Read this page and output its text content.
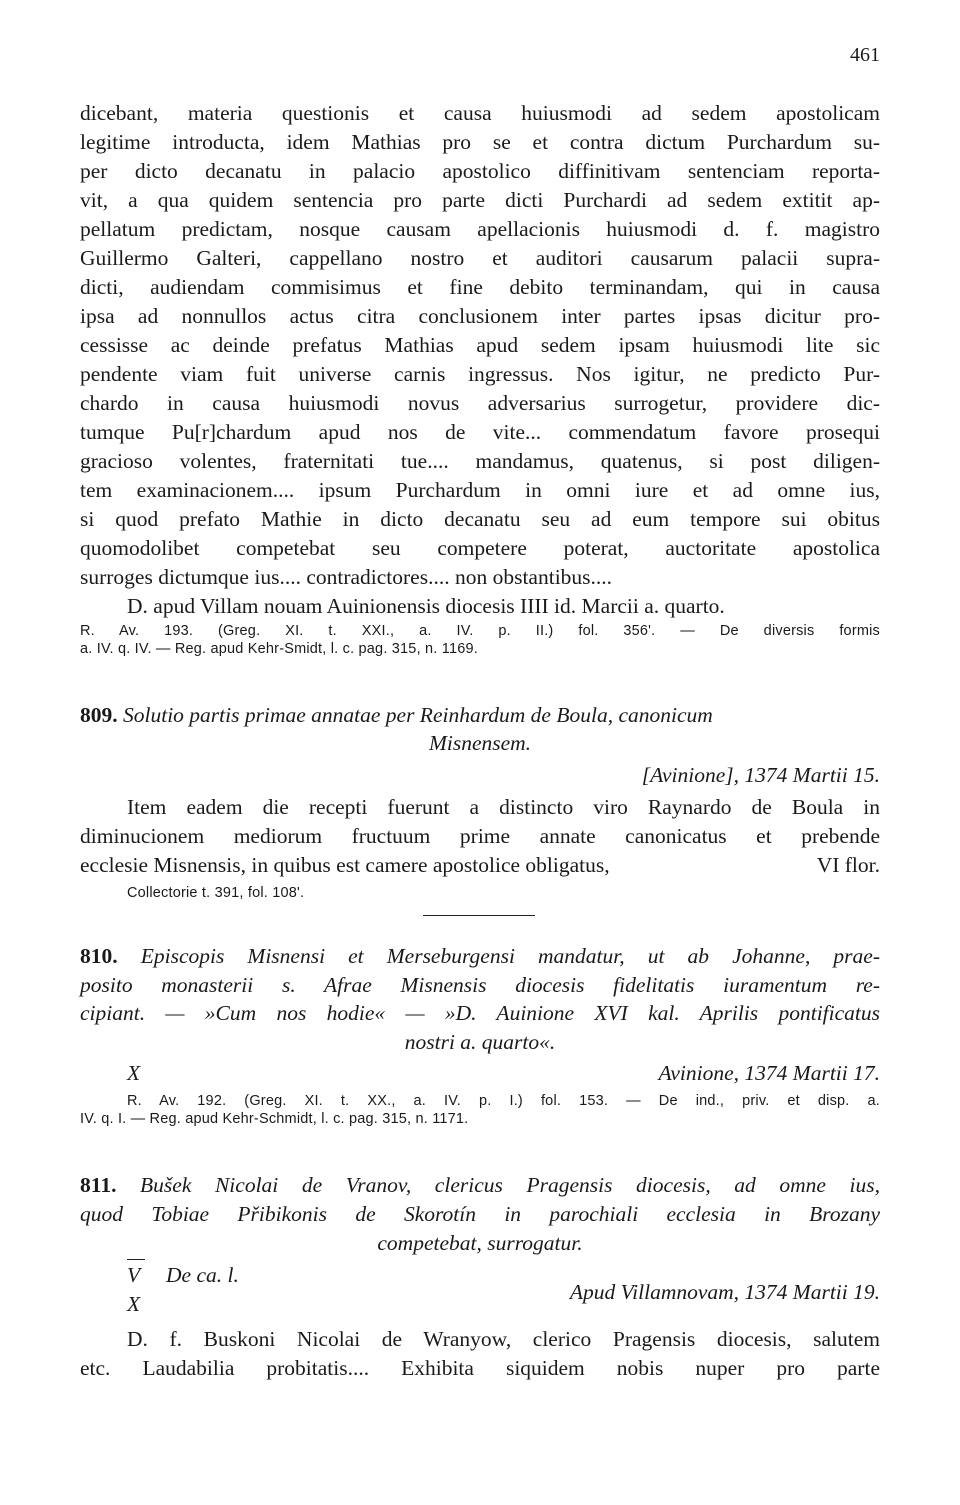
461
dicebant, materia questionis et causa huiusmodi ad sedem apostolicam
legitime introducta, idem Mathias pro se et contra dictum Purchardum su-
per dicto decanatu in palacio apostolico diffinitivam sentenciam reporta-
vit, a qua quidem sentencia pro parte dicti Purchardi ad sedem extitit ap-
pellatum predictam, nosque causam apellacionis huiusmodi d. f. magistro
Guillermo Galteri, cappellano nostro et auditori causarum palacii supra-
dicti, audiendam commisimus et fine debito terminandam, qui in causa
ipsa ad nonnullos actus citra conclusionem inter partes ipsas dicitur pro-
cessisse ac deinde prefatus Mathias apud sedem ipsam huiusmodi lite sic
pendente viam fuit universe carnis ingressus. Nos igitur, ne predicto Pur-
chardo in causa huiusmodi novus adversarius surrogetur, providere dic-
tumque Pu[r]chardum apud nos de vite... commendatum favore prosequi
gracioso volentes, fraternitati tue.... mandamus, quatenus, si post diligen-
tem examinacionem.... ipsum Purchardum in omni iure et ad omne ius,
si quod prefato Mathie in dicto decanatu seu ad eum tempore sui obitus
quomodolibet competebat seu competere poterat, auctoritate apostolica
surroges dictumque ius.... contradictores.... non obstantibus....
D. apud Villam nouam Auinionensis diocesis IIII id. Marcii a. quarto.
R. Av. 193. (Greg. XI. t. XXI., a. IV. p. II.) fol. 356'. — De diversis formis
a. IV. q. IV. — Reg. apud Kehr-Smidt, l. c. pag. 315, n. 1169.
809. Solutio partis primae annatae per Reinhardum de Boula, canonicum
Misnensem.
[Avinione], 1374 Martii 15.
Item eadem die recepti fuerunt a distincto viro Raynardo de Boula in
diminucionem mediorum fructuum prime annate canonicatus et prebende
ecclesie Misnensis, in quibus est camere apostolice obligatus,	VI flor.
Collectorie t. 391, fol. 108'.
810. Episcopis Misnensi et Merseburgensi mandatur, ut ab Johanne, prae-
posito monasterii s. Afrae Misnensis diocesis fidelitatis iuramentum re-
cipiant. — »Cum nos hodie« — »D. Auinione XVI kal. Aprilis pontificatus
nostri a. quarto«.
X	Avinione, 1374 Martii 17.
R. Av. 192. (Greg. XI. t. XX., a. IV. p. I.) fol. 153. — De ind., priv. et disp. a.
IV. q. I. — Reg. apud Kehr-Schmidt, l. c. pag. 315, n. 1171.
811. Bušek Nicolai de Vranov, clericus Pragensis diocesis, ad omne ius,
quod Tobiae Přibikonis de Skorotín in parochiali ecclesia in Brozany
competebat, surrogatur.
V De ca. l.
X	Apud Villamnovam, 1374 Martii 19.
D. f. Buskoni Nicolai de Wranyow, clerico Pragensis diocesis, salutem
etc. Laudabilia probitatis.... Exhibita siquidem nobis nuper pro parte
